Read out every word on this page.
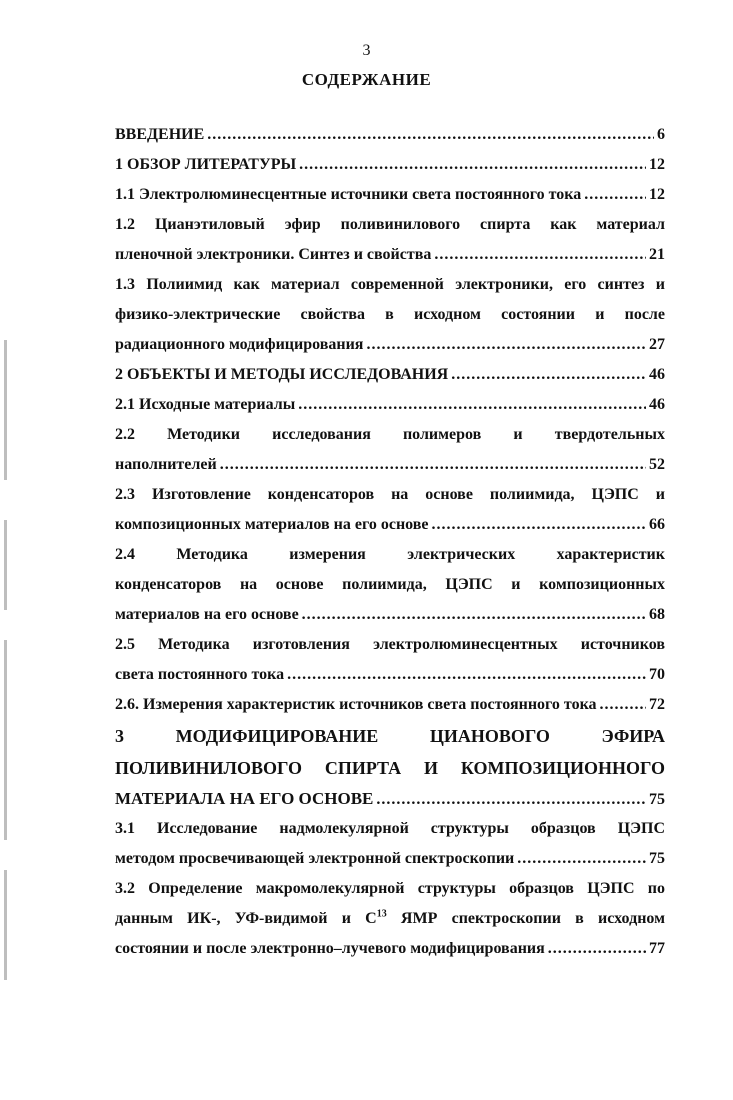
3
СОДЕРЖАНИЕ
ВВЕДЕНИЕ .....	6
1 ОБЗОР ЛИТЕРАТУРЫ .....	12
1.1 Электролюминесцентные источники света постоянного тока .....	12
1.2 Цианэтиловый эфир поливинилового спирта как материал
пленочной электроники. Синтез и свойства .....	21
1.3 Полиимид как материал современной электроники, его синтез и
физико-электрические свойства в исходном состоянии и после
радиационного модифицирования .....	27
2 ОБЪЕКТЫ И МЕТОДЫ ИССЛЕДОВАНИЯ .....	46
2.1 Исходные материалы .....	46
2.2 Методики исследования полимеров и твердотельных
наполнителей .....	52
2.3 Изготовление конденсаторов на основе полиимида, ЦЭПС и
композиционных материалов на его основе .....	66
2.4 Методика измерения электрических характеристик
конденсаторов на основе полиимида, ЦЭПС и композиционных
материалов на его основе .....	68
2.5 Методика изготовления электролюминесцентных источников
света постоянного тока .....	70
2.6. Измерения характеристик источников света постоянного тока .....	72
3 МОДИФИЦИРОВАНИЕ ЦИАНОВОГО ЭФИРА
ПОЛИВИНИЛОВОГО СПИРТА И КОМПОЗИЦИОННОГО
МАТЕРИАЛА НА ЕГО ОСНОВЕ .....	75
3.1 Исследование надмолекулярной структуры образцов ЦЭПС
методом просвечивающей электронной спектроскопии .....	75
3.2 Определение макромолекулярной структуры образцов ЦЭПС по
данным ИК-, УФ-видимой и $С^{13}$ ЯМР спектроскопии в исходном
состоянии и после электронно–лучевого модифицирования .....	77
